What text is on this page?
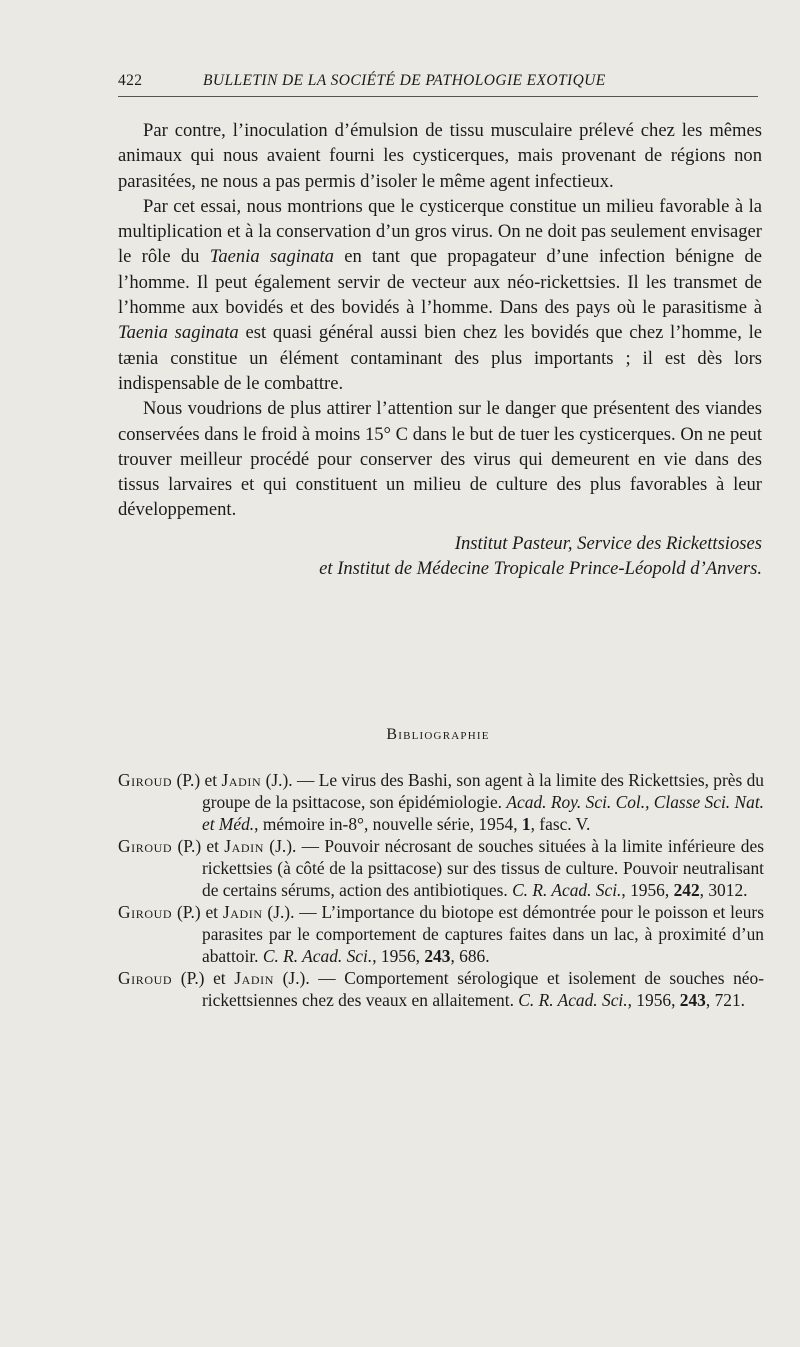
422	BULLETIN DE LA SOCIÉTÉ DE PATHOLOGIE EXOTIQUE

Par contre, l’inoculation d’émulsion de tissu musculaire prélevé chez les mêmes animaux qui nous avaient fourni les cysticerques, mais provenant de régions non parasitées, ne nous a pas permis d’isoler le même agent infectieux.

Par cet essai, nous montrions que le cysticerque constitue un milieu favorable à la multiplication et à la conservation d’un gros virus. On ne doit pas seulement envisager le rôle du Taenia saginata en tant que propagateur d’une infection bénigne de l’homme. Il peut également servir de vecteur aux néo-rickettsies. Il les transmet de l’homme aux bovidés et des bovidés à l’homme. Dans des pays où le parasitisme à Taenia saginata est quasi général aussi bien chez les bovidés que chez l’homme, le tænia constitue un élément contaminant des plus importants ; il est dès lors indispensable de le combattre.

Nous voudrions de plus attirer l’attention sur le danger que présentent des viandes conservées dans le froid à moins 15° C dans le but de tuer les cysticerques. On ne peut trouver meilleur procédé pour conserver des virus qui demeurent en vie dans des tissus larvaires et qui constituent un milieu de culture des plus favorables à leur développement.

Institut Pasteur, Service des Rickettsioses
et Institut de Médecine Tropicale Prince-Léopold d’Anvers.

Bibliographie

Giroud (P.) et Jadin (J.). — Le virus des Bashi, son agent à la limite des Rickettsies, près du groupe de la psittacose, son épidémiologie. Acad. Roy. Sci. Col., Classe Sci. Nat. et Méd., mémoire in-8°, nouvelle série, 1954, 1, fasc. V.

Giroud (P.) et Jadin (J.). — Pouvoir nécrosant de souches situées à la limite inférieure des rickettsies (à côté de la psittacose) sur des tissus de culture. Pouvoir neutralisant de certains sérums, action des antibiotiques. C. R. Acad. Sci., 1956, 242, 3012.

Giroud (P.) et Jadin (J.). — L’importance du biotope est démontrée pour le poisson et leurs parasites par le comportement de captures faites dans un lac, à proximité d’un abattoir. C. R. Acad. Sci., 1956, 243, 686.

Giroud (P.) et Jadin (J.). — Comportement sérologique et isolement de souches néo-rickettsiennes chez des veaux en allaitement. C. R. Acad. Sci., 1956, 243, 721.
